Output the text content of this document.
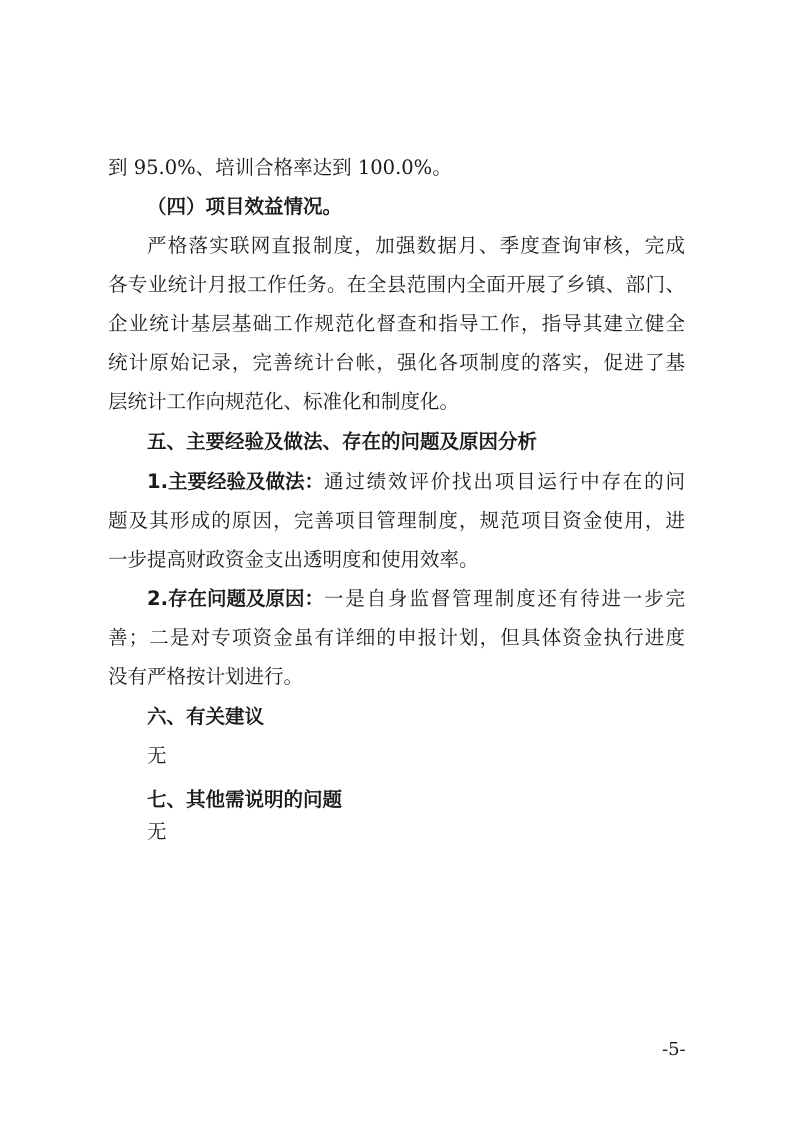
到 95.0%、培训合格率达到 100.0%。
（四）项目效益情况。
严格落实联网直报制度，加强数据月、季度查询审核，完成
各专业统计月报工作任务。在全县范围内全面开展了乡镇、部门、
企业统计基层基础工作规范化督查和指导工作，指导其建立健全
统计原始记录，完善统计台帐，强化各项制度的落实，促进了基
层统计工作向规范化、标准化和制度化。
五、主要经验及做法、存在的问题及原因分析
1.主要经验及做法： 通过绩效评价找出项目运行中存在的问
题及其形成的原因，完善项目管理制度，规范项目资金使用，进
一步提高财政资金支出透明度和使用效率。
2.存在问题及原因： 一是自身监督管理制度还有待进一步完
善；二是对专项资金虽有详细的申报计划，但具体资金执行进度
没有严格按计划进行。
六、有关建议
无
七、其他需说明的问题
无
-5-
